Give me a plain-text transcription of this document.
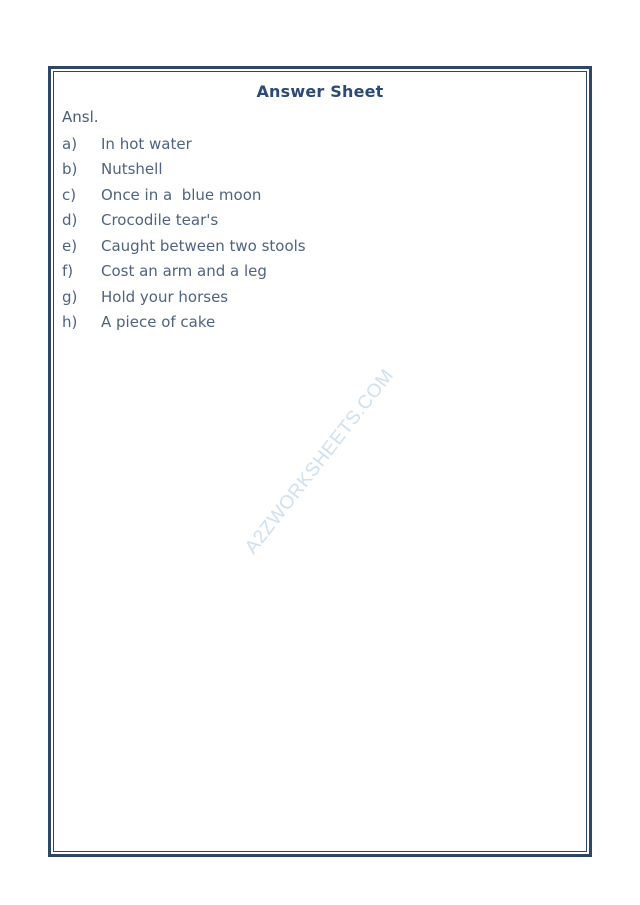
Answer Sheet
Ansl.
a)	In hot water
b)	Nutshell
c)	Once in a  blue moon
d)	Crocodile tear's
e)	Caught between two stools
f)	Cost an arm and a leg
g)	Hold your horses
h)	A piece of cake
A2ZWORKSHEETS.COM
